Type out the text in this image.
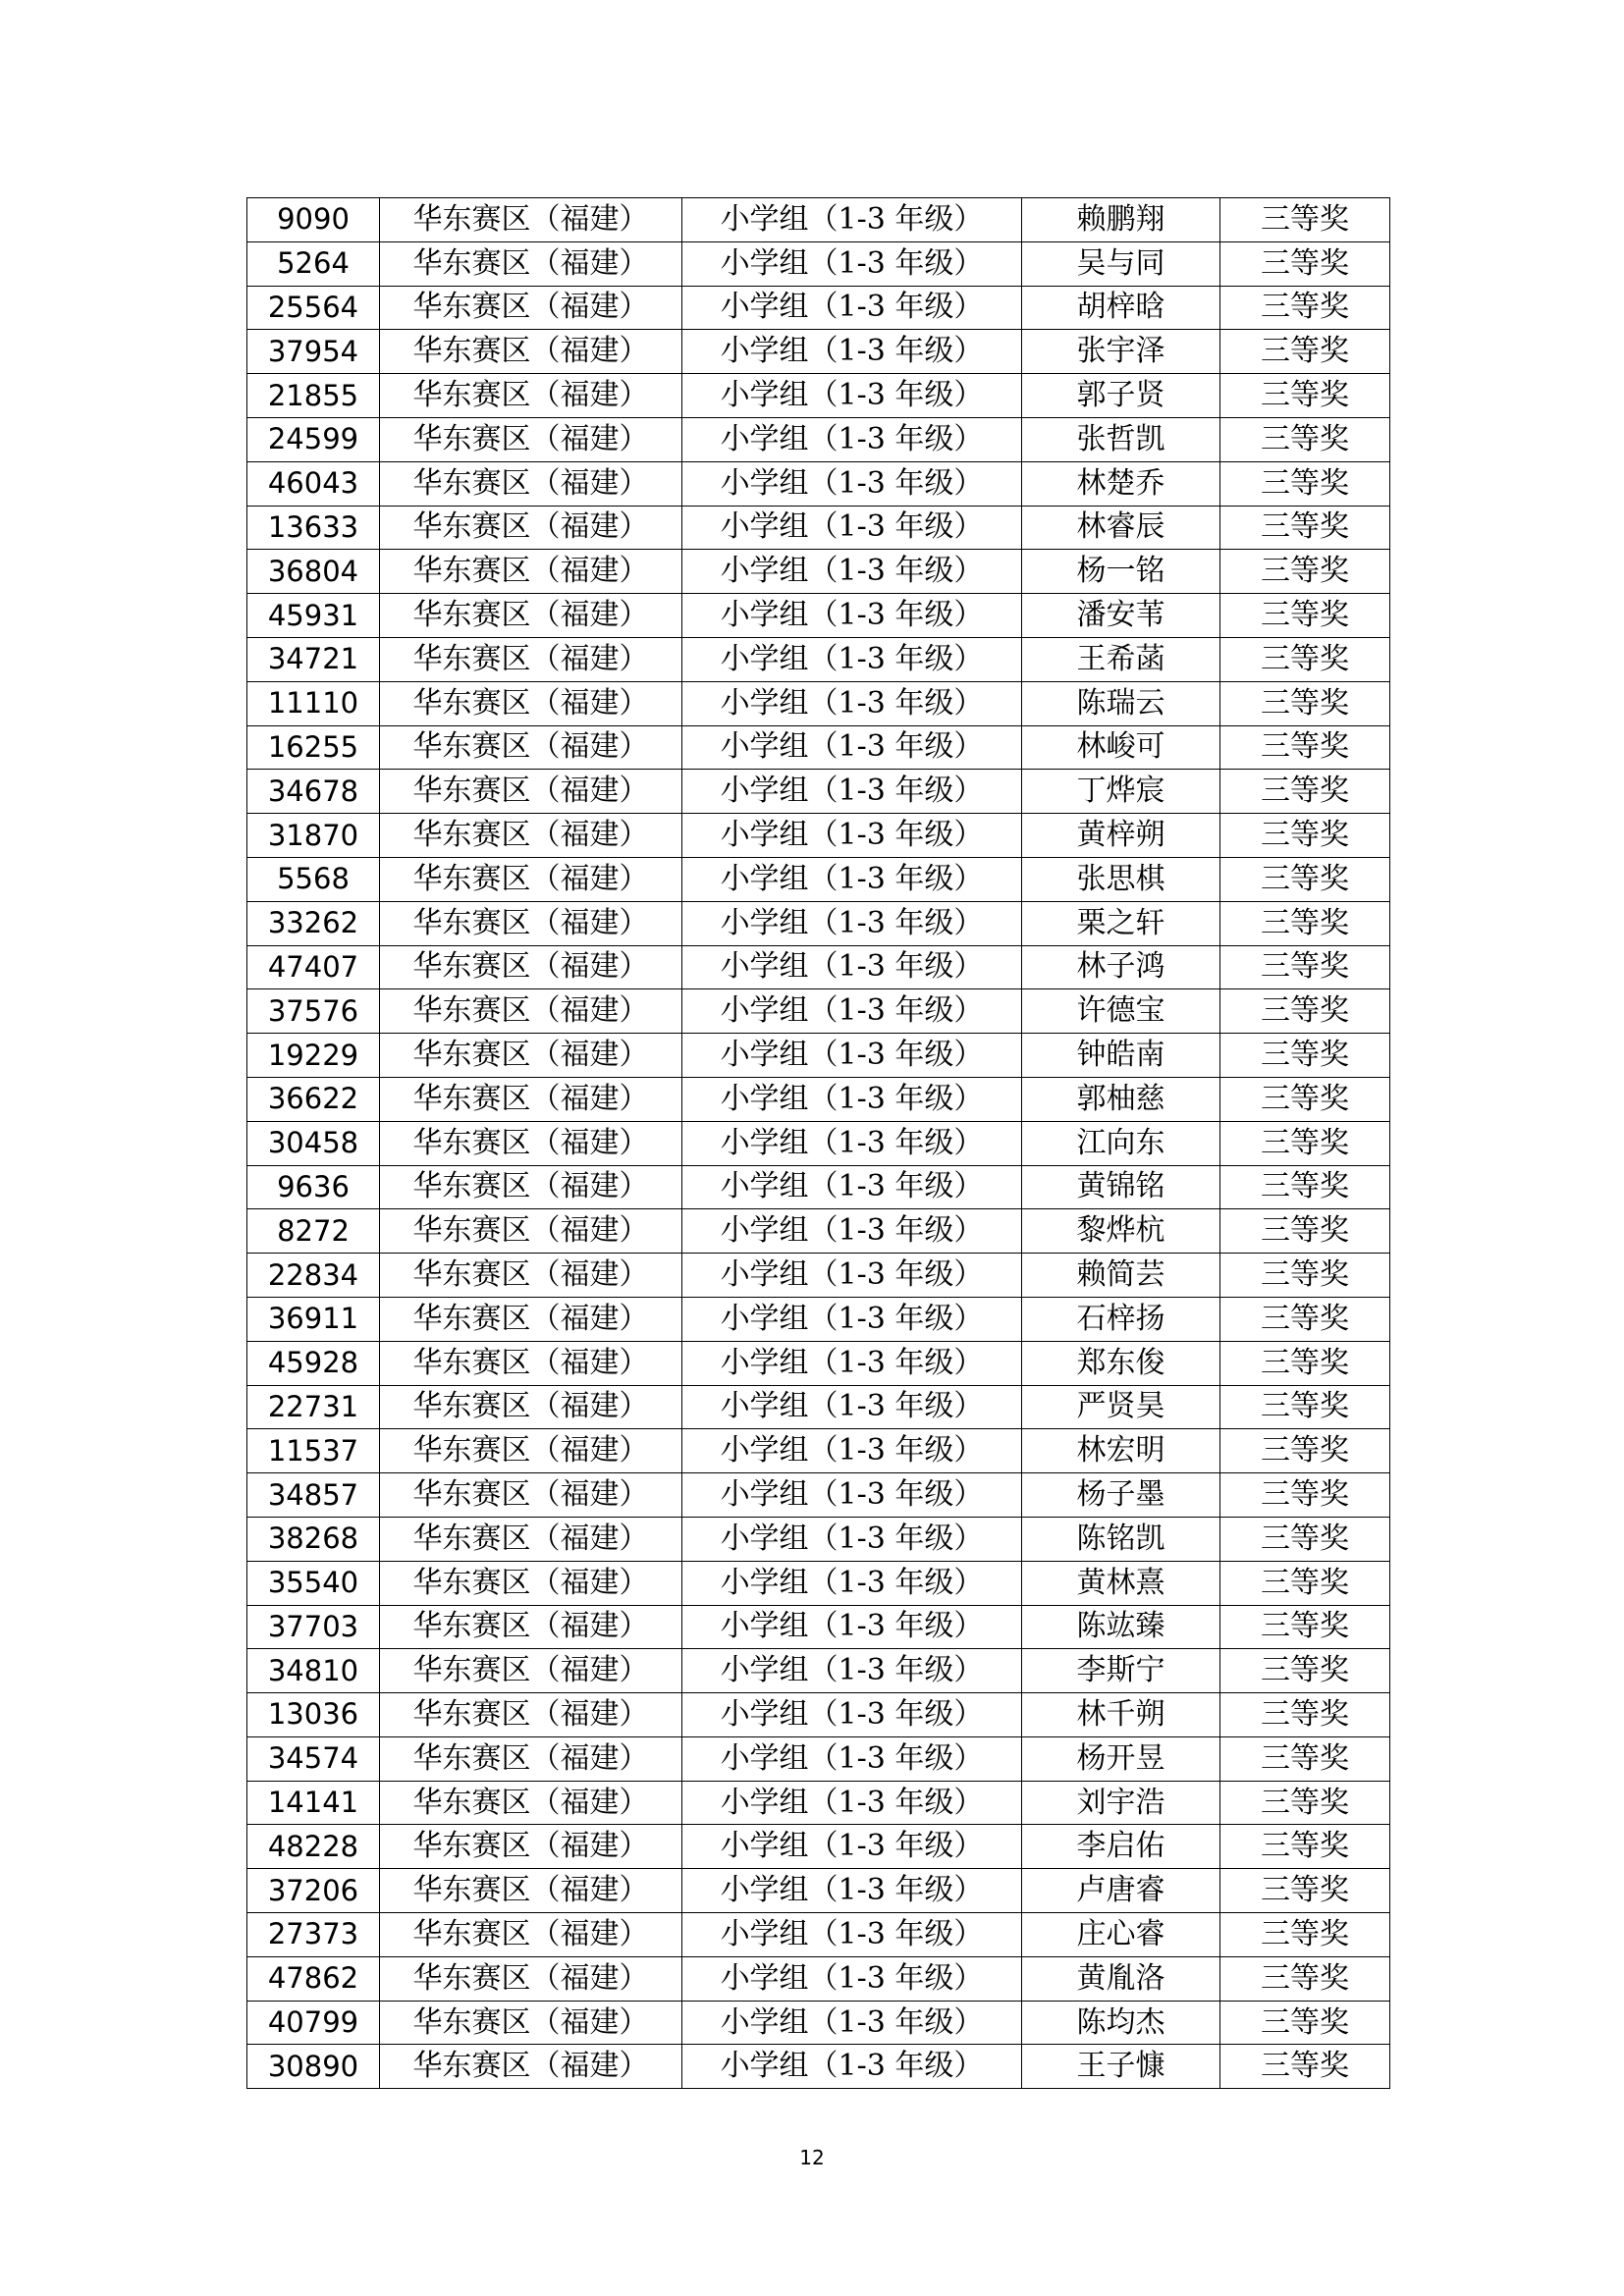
9090	华东赛区（福建）	小学组（1-3 年级）	赖鹏翔	三等奖
5264	华东赛区（福建）	小学组（1-3 年级）	吴与同	三等奖
25564	华东赛区（福建）	小学组（1-3 年级）	胡梓晗	三等奖
37954	华东赛区（福建）	小学组（1-3 年级）	张宇泽	三等奖
21855	华东赛区（福建）	小学组（1-3 年级）	郭子贤	三等奖
24599	华东赛区（福建）	小学组（1-3 年级）	张哲凯	三等奖
46043	华东赛区（福建）	小学组（1-3 年级）	林楚乔	三等奖
13633	华东赛区（福建）	小学组（1-3 年级）	林睿辰	三等奖
36804	华东赛区（福建）	小学组（1-3 年级）	杨一铭	三等奖
45931	华东赛区（福建）	小学组（1-3 年级）	潘安苇	三等奖
34721	华东赛区（福建）	小学组（1-3 年级）	王希菡	三等奖
11110	华东赛区（福建）	小学组（1-3 年级）	陈瑞云	三等奖
16255	华东赛区（福建）	小学组（1-3 年级）	林峻可	三等奖
34678	华东赛区（福建）	小学组（1-3 年级）	丁烨宸	三等奖
31870	华东赛区（福建）	小学组（1-3 年级）	黄梓朔	三等奖
5568	华东赛区（福建）	小学组（1-3 年级）	张思棋	三等奖
33262	华东赛区（福建）	小学组（1-3 年级）	栗之轩	三等奖
47407	华东赛区（福建）	小学组（1-3 年级）	林子鸿	三等奖
37576	华东赛区（福建）	小学组（1-3 年级）	许德宝	三等奖
19229	华东赛区（福建）	小学组（1-3 年级）	钟皓南	三等奖
36622	华东赛区（福建）	小学组（1-3 年级）	郭柚慈	三等奖
30458	华东赛区（福建）	小学组（1-3 年级）	江向东	三等奖
9636	华东赛区（福建）	小学组（1-3 年级）	黄锦铭	三等奖
8272	华东赛区（福建）	小学组（1-3 年级）	黎烨杭	三等奖
22834	华东赛区（福建）	小学组（1-3 年级）	赖简芸	三等奖
36911	华东赛区（福建）	小学组（1-3 年级）	石梓扬	三等奖
45928	华东赛区（福建）	小学组（1-3 年级）	郑东俊	三等奖
22731	华东赛区（福建）	小学组（1-3 年级）	严贤昊	三等奖
11537	华东赛区（福建）	小学组（1-3 年级）	林宏明	三等奖
34857	华东赛区（福建）	小学组（1-3 年级）	杨子墨	三等奖
38268	华东赛区（福建）	小学组（1-3 年级）	陈铭凯	三等奖
35540	华东赛区（福建）	小学组（1-3 年级）	黄林熹	三等奖
37703	华东赛区（福建）	小学组（1-3 年级）	陈竑臻	三等奖
34810	华东赛区（福建）	小学组（1-3 年级）	李斯宁	三等奖
13036	华东赛区（福建）	小学组（1-3 年级）	林千朔	三等奖
34574	华东赛区（福建）	小学组（1-3 年级）	杨开昱	三等奖
14141	华东赛区（福建）	小学组（1-3 年级）	刘宇浩	三等奖
48228	华东赛区（福建）	小学组（1-3 年级）	李启佑	三等奖
37206	华东赛区（福建）	小学组（1-3 年级）	卢唐睿	三等奖
27373	华东赛区（福建）	小学组（1-3 年级）	庄心睿	三等奖
47862	华东赛区（福建）	小学组（1-3 年级）	黄胤洛	三等奖
40799	华东赛区（福建）	小学组（1-3 年级）	陈均杰	三等奖
30890	华东赛区（福建）	小学组（1-3 年级）	王子慷	三等奖
12
